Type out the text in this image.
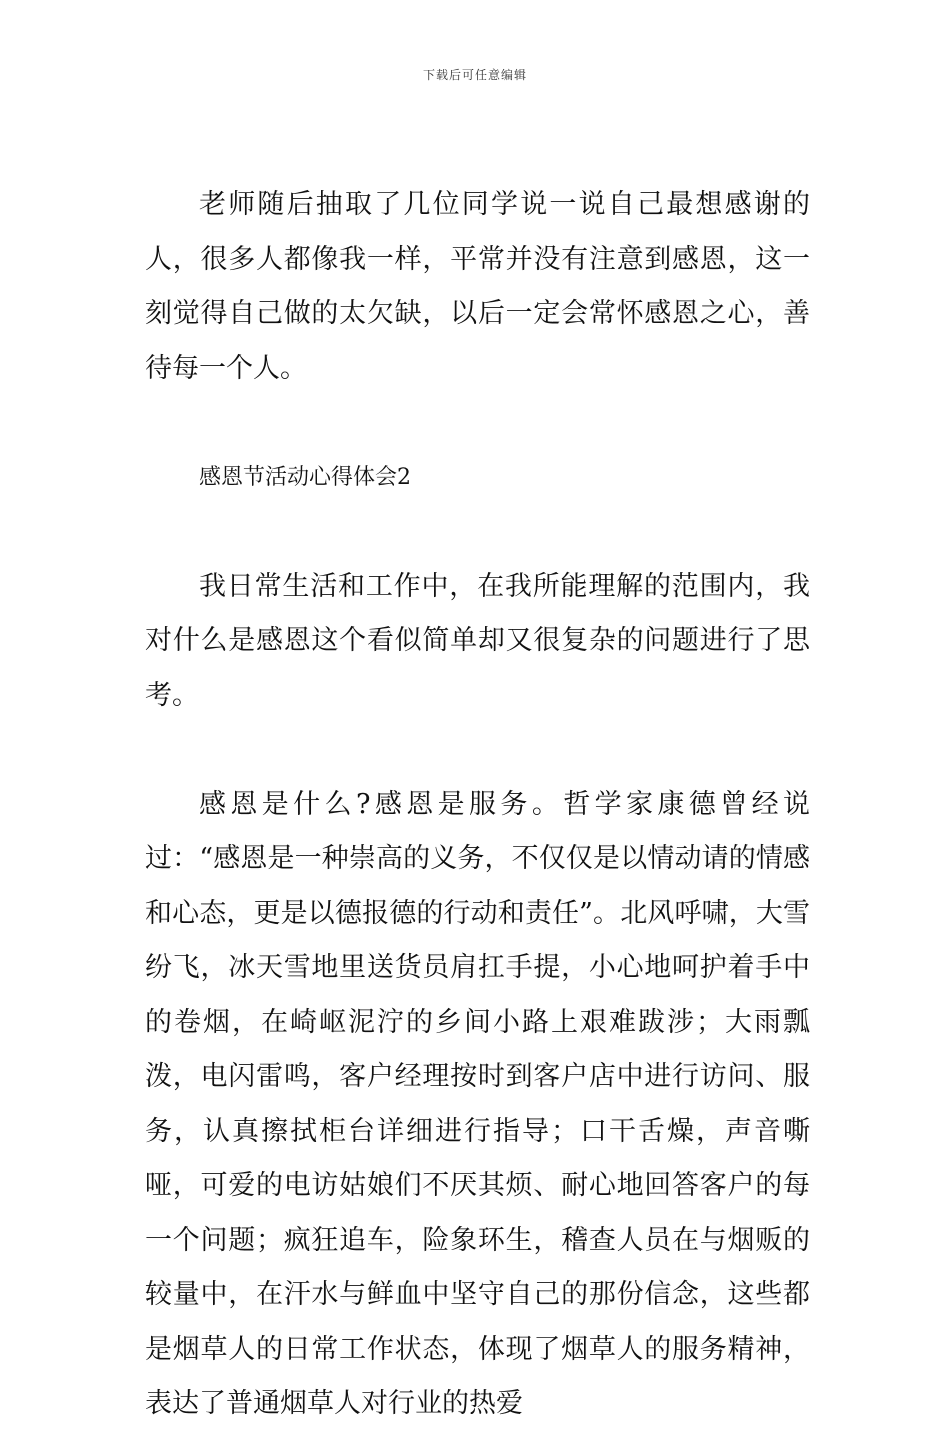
下载后可任意编辑

老师随后抽取了几位同学说一说自己最想感谢的人，很多人都像我一样，平常并没有注意到感恩，这一刻觉得自己做的太欠缺，以后一定会常怀感恩之心，善待每一个人。

感恩节活动心得体会2

我日常生活和工作中，在我所能理解的范围内，我对什么是感恩这个看似简单却又很复杂的问题进行了思考。

感恩是什么?感恩是服务。哲学家康德曾经说过：“感恩是一种崇高的义务，不仅仅是以情动请的情感和心态，更是以德报德的行动和责任”。北风呼啸，大雪纷飞，冰天雪地里送货员肩扛手提，小心地呵护着手中的卷烟，在崎岖泥泞的乡间小路上艰难跋涉；大雨瓢泼，电闪雷鸣，客户经理按时到客户店中进行访问、服务，认真擦拭柜台详细进行指导；口干舌燥，声音嘶哑，可爱的电访姑娘们不厌其烦、耐心地回答客户的每一个问题；疯狂追车，险象环生，稽查人员在与烟贩的较量中，在汗水与鲜血中坚守自己的那份信念，这些都是烟草人的日常工作状态，体现了烟草人的服务精神，表达了普通烟草人对行业的热爱
